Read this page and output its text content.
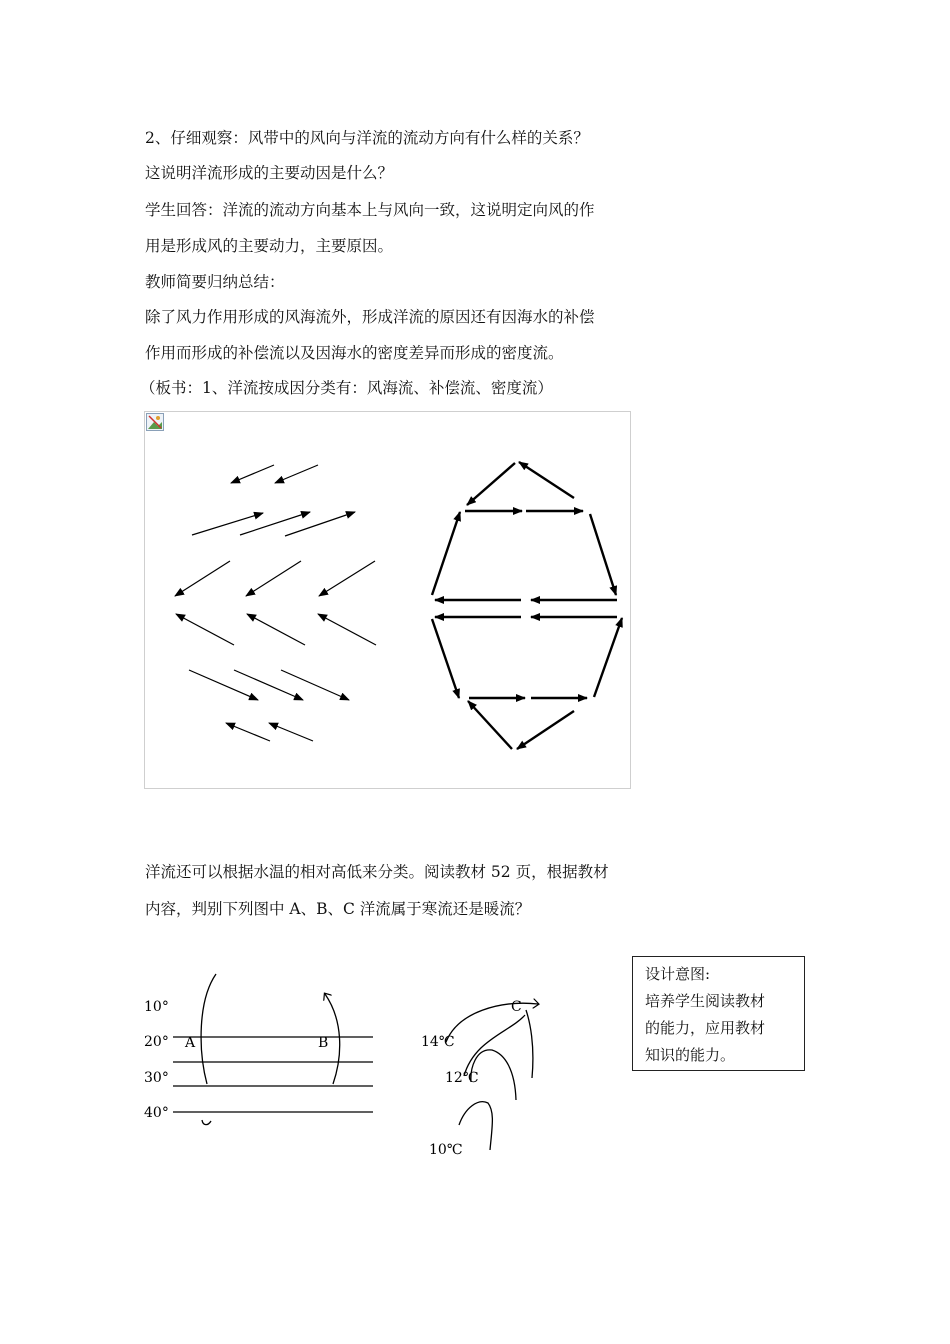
2、仔细观察：风带中的风向与洋流的流动方向有什么样的关系？
这说明洋流形成的主要动因是什么？
学生回答：洋流的流动方向基本上与风向一致，这说明定向风的作
用是形成风的主要动力，主要原因。
教师简要归纳总结：
除了风力作用形成的风海流外，形成洋流的原因还有因海水的补偿
作用而形成的补偿流以及因海水的密度差异而形成的密度流。
（板书：1、洋流按成因分类有：风海流、补偿流、密度流）
洋流还可以根据水温的相对高低来分类。阅读教材 52 页，根据教材
内容，判别下列图中 A、B、C 洋流属于寒流还是暖流？
10°
20°
30°
40°
A	B
C
14℃
12℃
10℃
设计意图:
培养学生阅读教材
的能力，应用教材
知识的能力。
